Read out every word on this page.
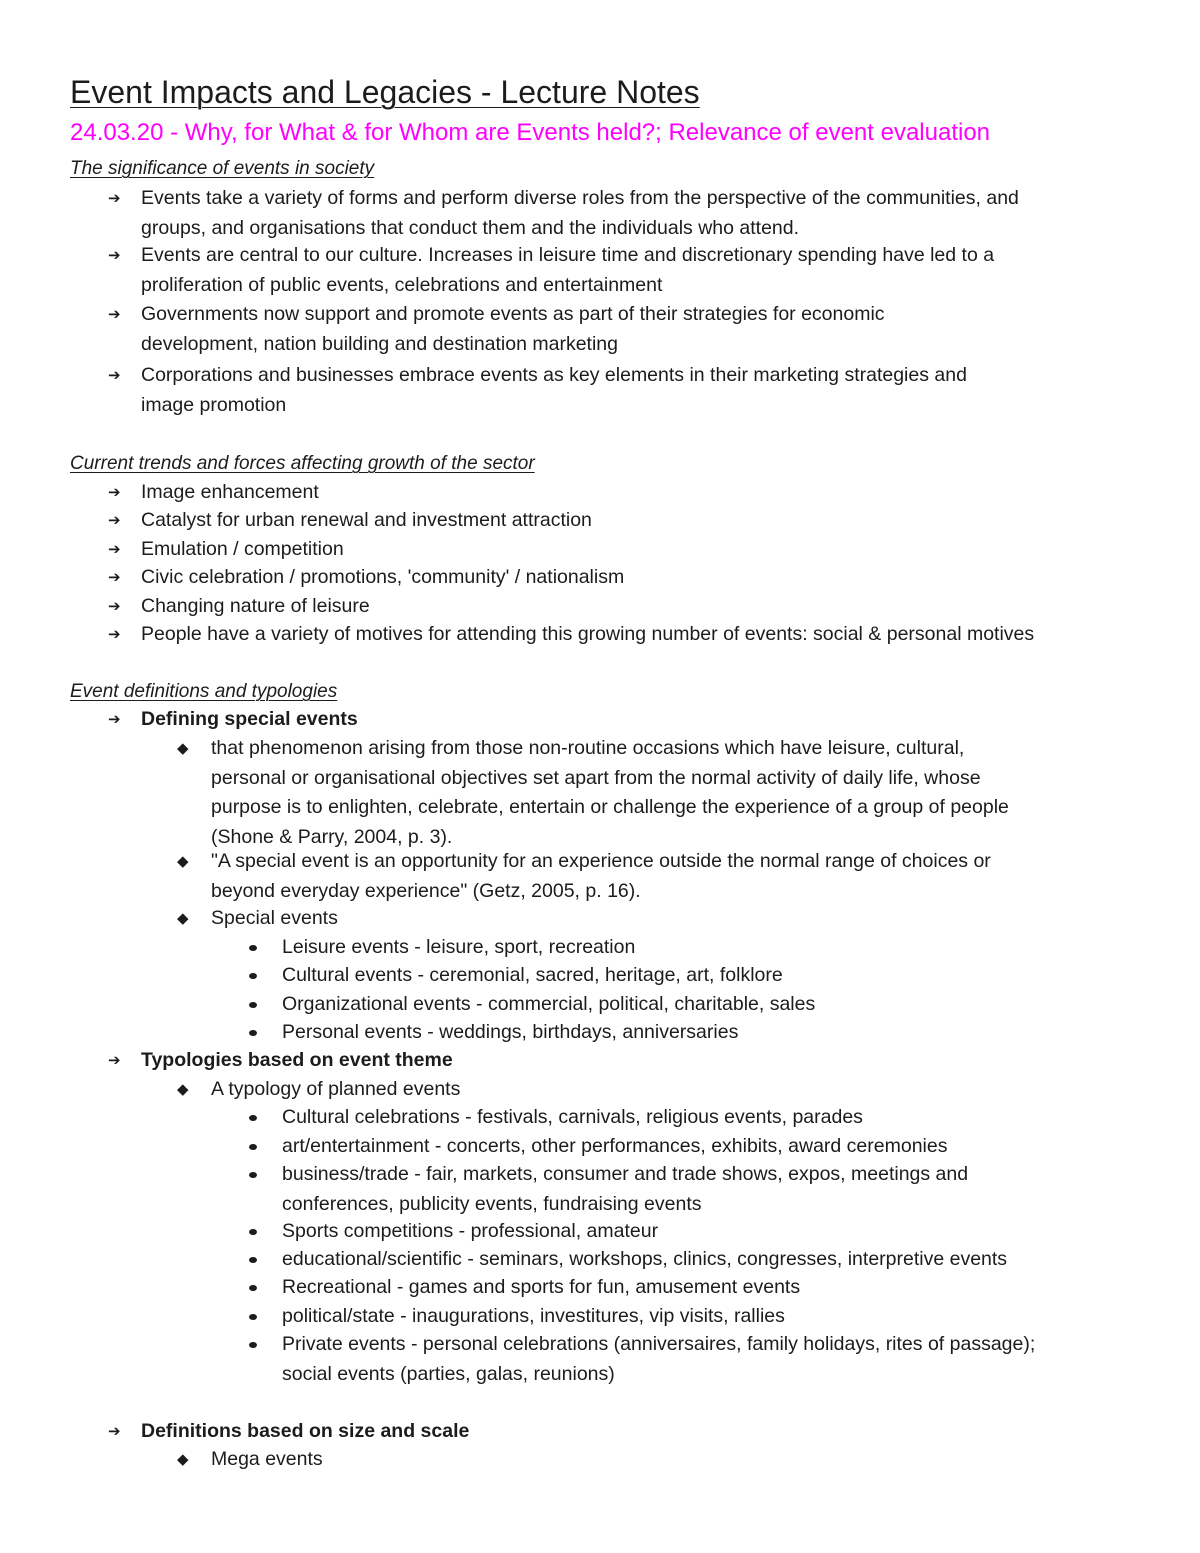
Event Impacts and Legacies - Lecture Notes
24.03.20 - Why, for What & for Whom are Events held?; Relevance of event evaluation
The significance of events in society
➔ Events take a variety of forms and perform diverse roles from the perspective of the communities, and
groups, and organisations that conduct them and the individuals who attend.
➔ Events are central to our culture. Increases in leisure time and discretionary spending have led to a
proliferation of public events, celebrations and entertainment
➔ Governments now support and promote events as part of their strategies for economic
development, nation building and destination marketing
➔ Corporations and businesses embrace events as key elements in their marketing strategies and
image promotion
Current trends and forces affecting growth of the sector
➔ Image enhancement
➔ Catalyst for urban renewal and investment attraction
➔ Emulation / competition
➔ Civic celebration / promotions, 'community' / nationalism
➔ Changing nature of leisure
➔ People have a variety of motives for attending this growing number of events: social & personal motives
Event definitions and typologies
➔ Defining special events
◆ that phenomenon arising from those non-routine occasions which have leisure, cultural,
personal or organisational objectives set apart from the normal activity of daily life, whose
purpose is to enlighten, celebrate, entertain or challenge the experience of a group of people
(Shone & Parry, 2004, p. 3).
◆ "A special event is an opportunity for an experience outside the normal range of choices or
beyond everyday experience" (Getz, 2005, p. 16).
◆ Special events
Leisure events - leisure, sport, recreation
Cultural events - ceremonial, sacred, heritage, art, folklore
Organizational events - commercial, political, charitable, sales
Personal events - weddings, birthdays, anniversaries
➔ Typologies based on event theme
◆ A typology of planned events
Cultural celebrations - festivals, carnivals, religious events, parades
art/entertainment - concerts, other performances, exhibits, award ceremonies
business/trade - fair, markets, consumer and trade shows, expos, meetings and
conferences, publicity events, fundraising events
Sports competitions - professional, amateur
educational/scientific - seminars, workshops, clinics, congresses, interpretive events
Recreational - games and sports for fun, amusement events
political/state - inaugurations, investitures, vip visits, rallies
Private events - personal celebrations (anniversaires, family holidays, rites of passage);
social events (parties, galas, reunions)
➔ Definitions based on size and scale
◆ Mega events
